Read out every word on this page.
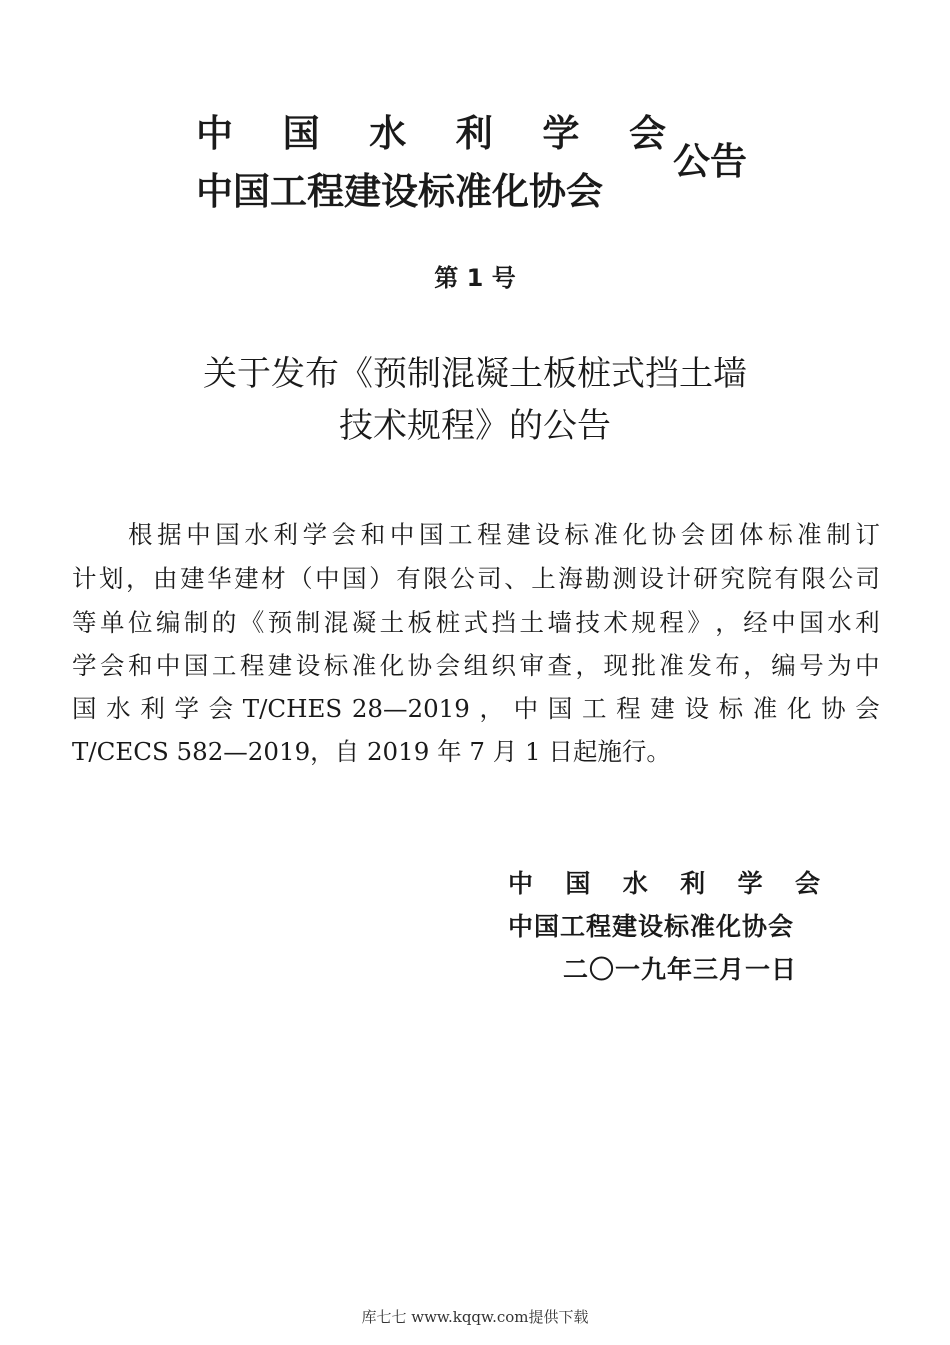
中 国 水 利 学 会
中国工程建设标准化协会
公告
第 1 号
关于发布《预制混凝土板桩式挡土墙
技术规程》的公告
根 据 中 国 水 利 学 会 和 中 国 工 程 建 设 标 准 化 协 会 团 体 标 准 制 订
计 划 ， 由 建 华 建 材 （ 中 国 ） 有 限 公 司 、 上 海 勘 测 设 计 研 究 院 有 限 公 司
等 单 位 编 制 的 《 预 制 混 凝 土 板 桩 式 挡 土 墙 技 术 规 程 》 ， 经 中 国 水 利
学 会 和 中 国 工 程 建 设 标 准 化 协 会 组 织 审 查 ， 现 批 准 发 布 ， 编 号 为 中
国 水 利 学 会 T/CHES 28—2019 ， 中 国 工 程 建 设 标 准 化 协 会
T/CECS 582—2019，自 2019 年 7 月 1 日起施行。
中 国 水 利 学 会
中国工程建设标准化协会
二〇一九年三月一日
库七七 www.kqqw.com提供下载
